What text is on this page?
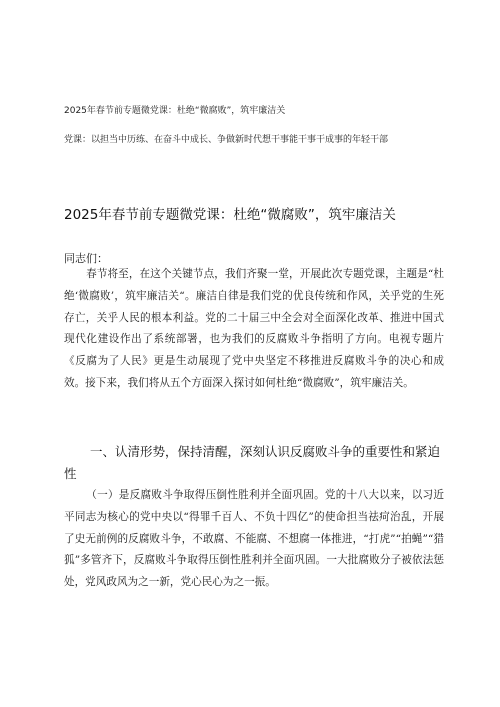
2025年春节前专题微党课：杜绝“微腐败”，筑牢廉洁关
党课：以担当中历练、在奋斗中成长、争做新时代想干事能干事干成事的年轻干部
2025年春节前专题微党课：杜绝“微腐败”，筑牢廉洁关
同志们：
春节将至，在这个关键节点，我们齐聚一堂，开展此次专题党课，主题是“杜绝‘微腐败’，筑牢廉洁关“。廉洁自律是我们党的优良传统和作风，关乎党的生死存亡，关乎人民的根本利益。党的二十届三中全会对全面深化改革、推进中国式现代化建设作出了系统部署，也为我们的反腐败斗争指明了方向。电视专题片《反腐为了人民》更是生动展现了党中央坚定不移推进反腐败斗争的决心和成效。接下来，我们将从五个方面深入探讨如何杜绝“微腐败”，筑牢廉洁关。
一、认清形势，保持清醒，深刻认识反腐败斗争的重要性和紧迫性
（一）是反腐败斗争取得压倒性胜利并全面巩固。党的十八大以来，以习近平同志为核心的党中央以“得罪千百人、不负十四亿”的使命担当祛疴治乱，开展了史无前例的反腐败斗争，不敢腐、不能腐、不想腐一体推进，“打虎”“拍蝇”“猎狐”多管齐下，反腐败斗争取得压倒性胜利并全面巩固。一大批腐败分子被依法惩处，党风政风为之一新，党心民心为之一振。
